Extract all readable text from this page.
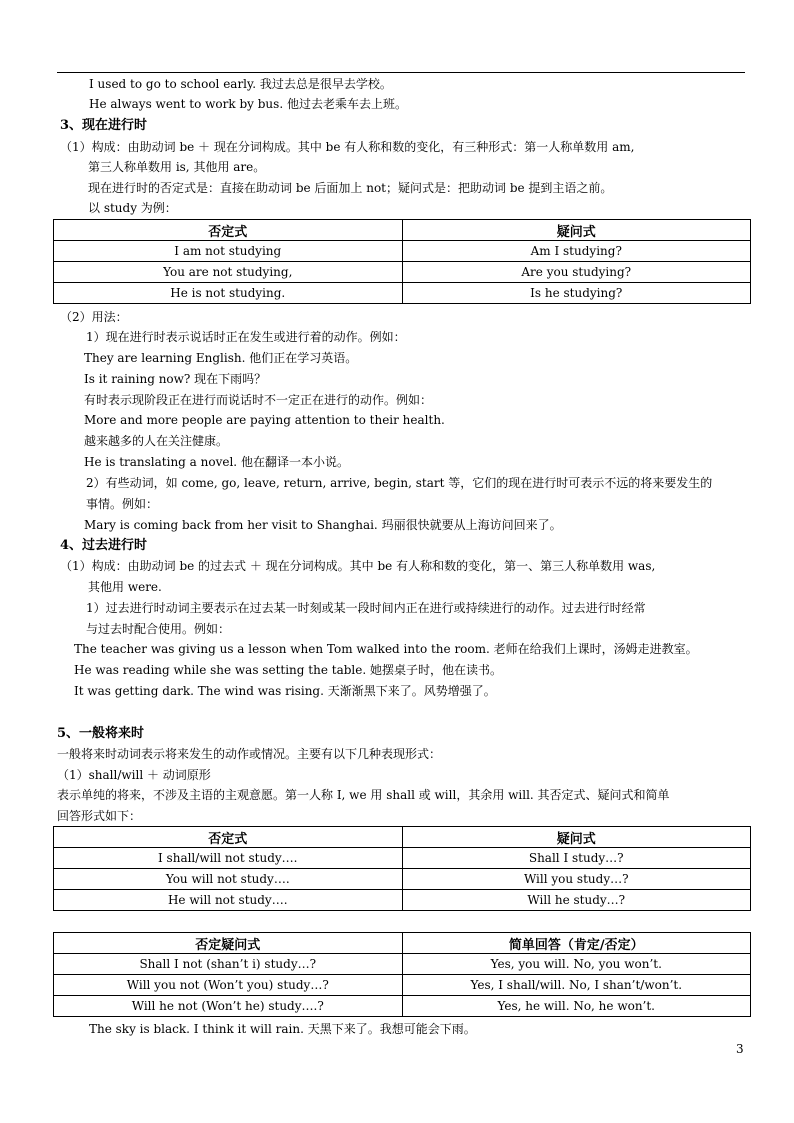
I used to go to school early. 我过去总是很早去学校。
He always went to work by bus. 他过去老乘车去上班。
3、现在进行时
（1）构成：由助动词 be ＋ 现在分词构成。其中 be 有人称和数的变化，有三种形式：第一人称单数用 am,
第三人称单数用 is, 其他用 are。
现在进行时的否定式是：直接在助动词 be 后面加上 not；疑问式是：把助动词 be 提到主语之前。
以 study 为例：
否定式	疑问式
I am not studying	Am I studying?
You are not studying,	Are you studying?
He is not studying.	Is he studying?
（2）用法：
1）现在进行时表示说话时正在发生或进行着的动作。例如：
They are learning English. 他们正在学习英语。
Is it raining now? 现在下雨吗？
有时表示现阶段正在进行而说话时不一定正在进行的动作。例如：
More and more people are paying attention to their health.
越来越多的人在关注健康。
He is translating a novel. 他在翻译一本小说。
2）有些动词，如 come, go, leave, return, arrive, begin, start 等，它们的现在进行时可表示不远的将来要发生的
事情。例如：
Mary is coming back from her visit to Shanghai. 玛丽很快就要从上海访问回来了。
4、过去进行时
（1）构成：由助动词 be 的过去式 ＋ 现在分词构成。其中 be 有人称和数的变化，第一、第三人称单数用 was,
其他用 were.
1）过去进行时动词主要表示在过去某一时刻或某一段时间内正在进行或持续进行的动作。过去进行时经常
与过去时配合使用。例如：
The teacher was giving us a lesson when Tom walked into the room. 老师在给我们上课时，汤姆走进教室。
He was reading while she was setting the table. 她摆桌子时，他在读书。
It was getting dark. The wind was rising. 天渐渐黑下来了。风势增强了。
5、一般将来时
一般将来时动词表示将来发生的动作或情况。主要有以下几种表现形式：
（1）shall/will ＋ 动词原形
表示单纯的将来，不涉及主语的主观意愿。第一人称 I, we 用 shall 或 will，其余用 will. 其否定式、疑问式和简单
回答形式如下：
否定式	疑问式
I shall/will not study….	Shall I study…?
You will not study….	Will you study…?
He will not study….	Will he study…?
否定疑问式	简单回答（肯定/否定）
Shall I not (shan’t i) study…?	Yes, you will. No, you won’t.
Will you not (Won’t you) study…?	Yes, I shall/will. No, I shan’t/won’t.
Will he not (Won’t he) study….?	Yes, he will. No, he won’t.
The sky is black. I think it will rain. 天黑下来了。我想可能会下雨。
3
